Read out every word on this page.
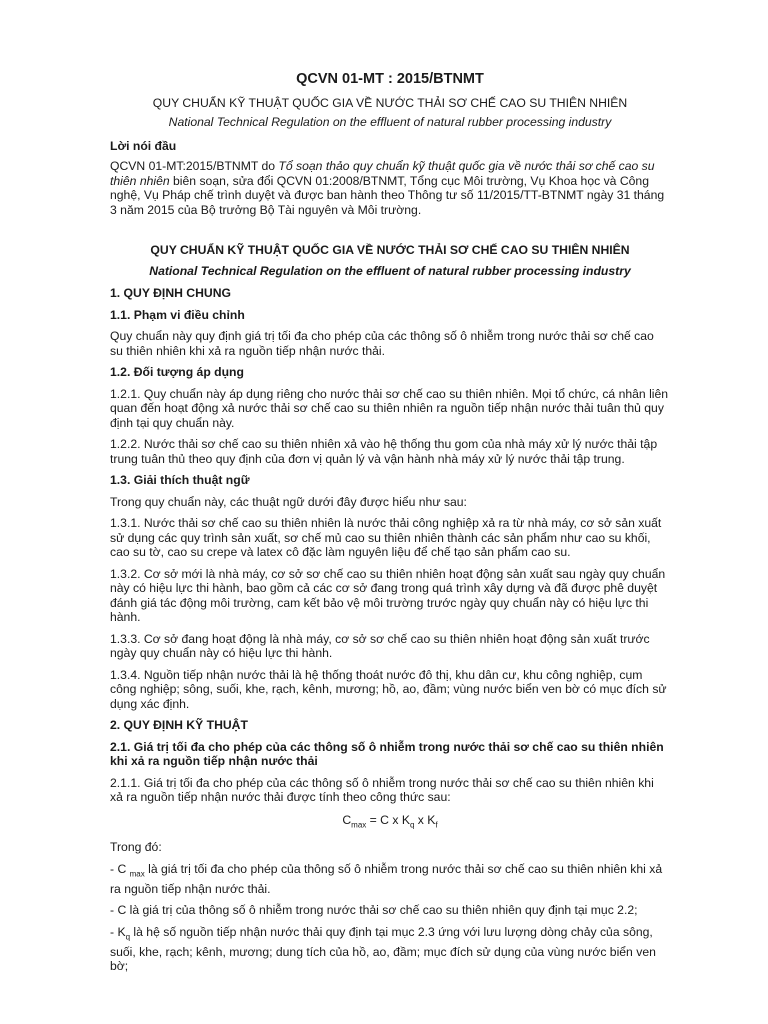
QCVN 01-MT : 2015/BTNMT
QUY CHUẨN KỸ THUẬT QUỐC GIA VỀ NƯỚC THẢI SƠ CHẾ CAO SU THIÊN NHIÊN
National Technical Regulation on the effluent of natural rubber processing industry
Lời nói đầu

QCVN 01-MT:2015/BTNMT do Tổ soạn thảo quy chuẩn kỹ thuật quốc gia về nước thải sơ chế cao su thiên nhiên biên soạn, sửa đổi QCVN 01:2008/BTNMT, Tổng cục Môi trường, Vụ Khoa học và Công nghệ, Vụ Pháp chế trình duyệt và được ban hành theo Thông tư số 11/2015/TT-BTNMT ngày 31 tháng 3 năm 2015 của Bộ trưởng Bộ Tài nguyên và Môi trường.

QUY CHUẨN KỸ THUẬT QUỐC GIA VỀ NƯỚC THẢI SƠ CHẾ CAO SU THIÊN NHIÊN
National Technical Regulation on the effluent of natural rubber processing industry
1. QUY ĐỊNH CHUNG
1.1. Phạm vi điều chỉnh

Quy chuẩn này quy định giá trị tối đa cho phép của các thông số ô nhiễm trong nước thải sơ chế cao su thiên nhiên khi xả ra nguồn tiếp nhận nước thải.

1.2. Đối tượng áp dụng

1.2.1. Quy chuẩn này áp dụng riêng cho nước thải sơ chế cao su thiên nhiên. Mọi tổ chức, cá nhân liên quan đến hoạt động xả nước thải sơ chế cao su thiên nhiên ra nguồn tiếp nhận nước thải tuân thủ quy định tại quy chuẩn này.

1.2.2. Nước thải sơ chế cao su thiên nhiên xả vào hệ thống thu gom của nhà máy xử lý nước thải tập trung tuân thủ theo quy định của đơn vị quản lý và vận hành nhà máy xử lý nước thải tập trung.

1.3. Giải thích thuật ngữ

Trong quy chuẩn này, các thuật ngữ dưới đây được hiểu như sau:

1.3.1. Nước thải sơ chế cao su thiên nhiên là nước thải công nghiệp xả ra từ nhà máy, cơ sở sản xuất sử dụng các quy trình sản xuất, sơ chế mủ cao su thiên nhiên thành các sản phẩm như cao su khối, cao su tờ, cao su crepe và latex cô đặc làm nguyên liệu để chế tạo sản phẩm cao su.

1.3.2. Cơ sở mới là nhà máy, cơ sở sơ chế cao su thiên nhiên hoạt động sản xuất sau ngày quy chuẩn này có hiệu lực thi hành, bao gồm cả các cơ sở đang trong quá trình xây dựng và đã được phê duyệt đánh giá tác động môi trường, cam kết bảo vệ môi trường trước ngày quy chuẩn này có hiệu lực thi hành.

1.3.3. Cơ sở đang hoạt động là nhà máy, cơ sở sơ chế cao su thiên nhiên hoạt động sản xuất trước ngày quy chuẩn này có hiệu lực thi hành.

1.3.4. Nguồn tiếp nhận nước thải là hệ thống thoát nước đô thị, khu dân cư, khu công nghiệp, cụm công nghiệp; sông, suối, khe, rạch, kênh, mương; hồ, ao, đầm; vùng nước biển ven bờ có mục đích sử dụng xác định.

2. QUY ĐỊNH KỸ THUẬT
2.1. Giá trị tối đa cho phép của các thông số ô nhiễm trong nước thải sơ chế cao su thiên nhiên khi xả ra nguồn tiếp nhận nước thải

2.1.1. Giá trị tối đa cho phép của các thông số ô nhiễm trong nước thải sơ chế cao su thiên nhiên khi xả ra nguồn tiếp nhận nước thải được tính theo công thức sau:

$C_{max} = C$ x $K_q$ x $K_f$

Trong đó:

- C $_{max}$ là giá trị tối đa cho phép của thông số ô nhiễm trong nước thải sơ chế cao su thiên nhiên khi xả ra nguồn tiếp nhận nước thải.

- C là giá trị của thông số ô nhiễm trong nước thải sơ chế cao su thiên nhiên quy định tại mục 2.2;

- $K_q$ là hệ số nguồn tiếp nhận nước thải quy định tại mục 2.3 ứng với lưu lượng dòng chảy của sông, suối, khe, rạch; kênh, mương; dung tích của hồ, ao, đầm; mục đích sử dụng của vùng nước biển ven bờ;
